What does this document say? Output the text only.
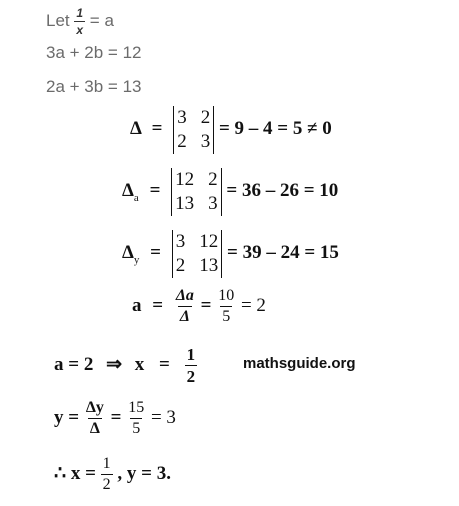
Let $\frac{1}{x} = a$
3a + 2b = 12
2a + 3b = 13
Δ =
3 2
2 3
= 9 – 4 = 5 ≠ 0
$\Delta_a$ =
12 2
13 3
= 36 – 26 = 10
$\Delta_y$ =
3 12
2 13
= 39 – 24 = 15
$a = \frac{\Delta a}{\Delta} = \frac{10}{5} = 2$
a = 2 ⇒ $x = \frac{1}{2}$	mathsguide.org
$y = \frac{\Delta y}{\Delta} = \frac{15}{5} = 3$
∴ $x = \frac{1}{2}$ , y = 3.
